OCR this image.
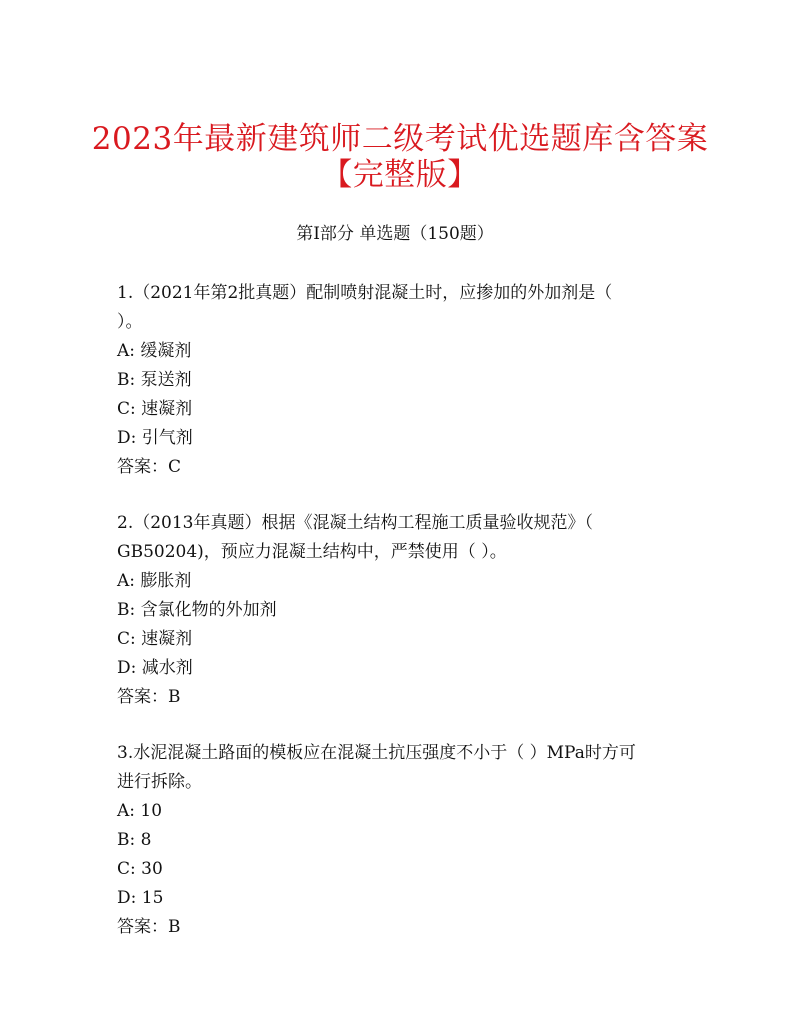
2023年最新建筑师二级考试优选题库含答案
【完整版】
第Ⅰ部分 单选题（150题）
1.（2021年第2批真题）配制喷射混凝土时，应掺加的外加剂是（
）。
A: 缓凝剂
B: 泵送剂
C: 速凝剂
D: 引气剂
答案：C
2.（2013年真题）根据《混凝土结构工程施工质量验收规范》（
GB50204)，预应力混凝土结构中，严禁使用（ ）。
A: 膨胀剂
B: 含氯化物的外加剂
C: 速凝剂
D: 减水剂
答案：B
3.水泥混凝土路面的模板应在混凝土抗压强度不小于（ ）MPa时方可
进行拆除。
A: 10
B: 8
C: 30
D: 15
答案：B
